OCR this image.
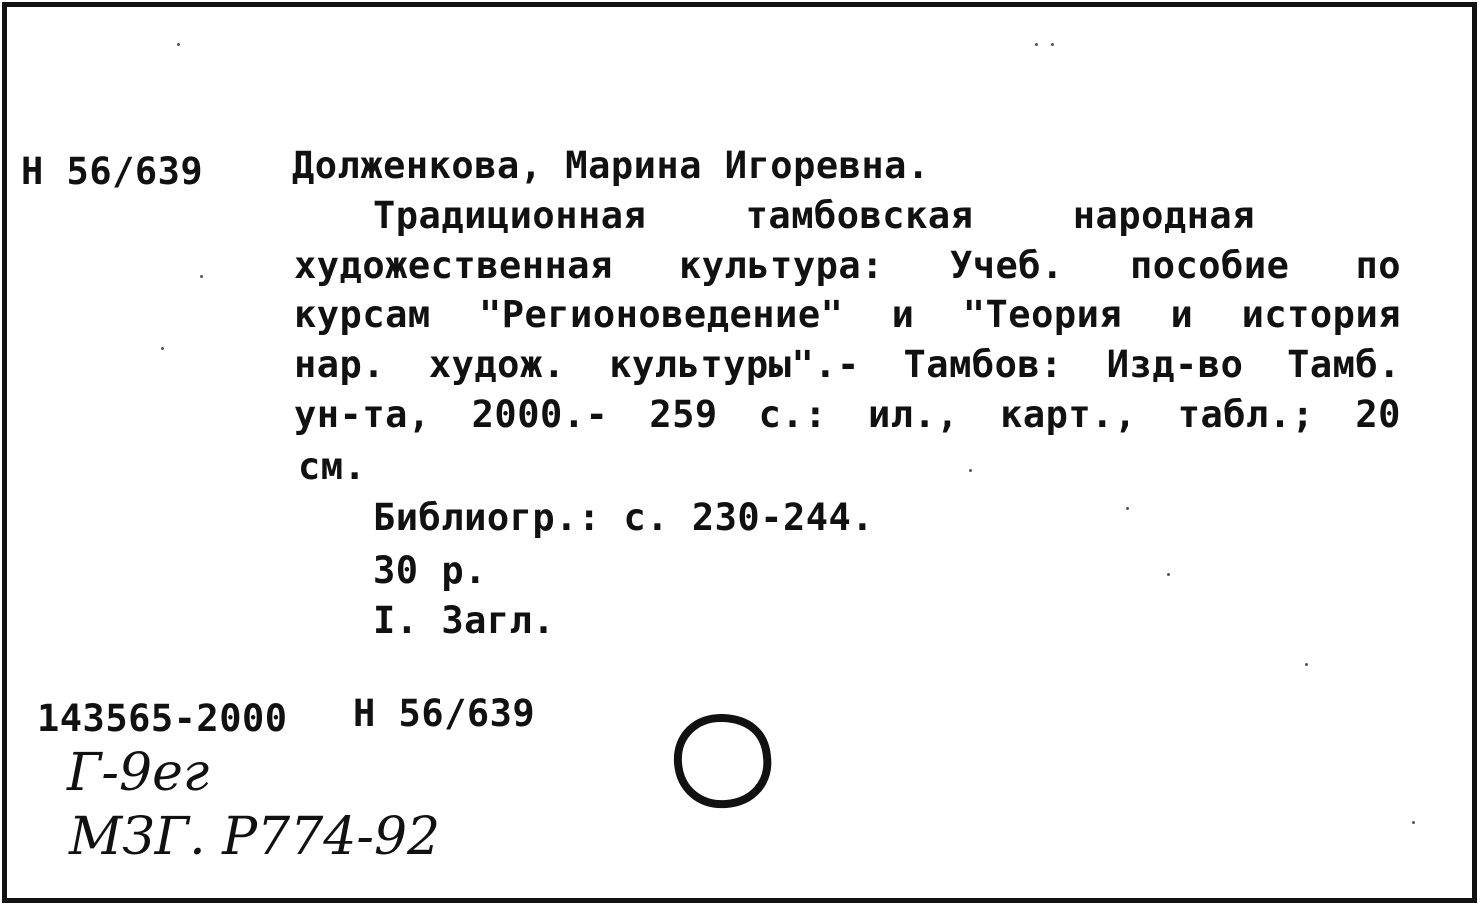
Н 56/639 Долженкова, Марина Игоревна.

Традиционная	тамбовская	народная
художественная культура: Учеб. пособие по
курсам "Регионоведение" и "Теория и история
нар. худож. культуры".- Тамбов: Изд-во Тамб.
ун-та, 2000.- 259 с.: ил., карт., табл.; 20

см.

Библиогр.: с. 230-244.

30 р.

I. Загл.

143565-2000 Н 56/639

Г-9ег

МЗГ. Р774-92
